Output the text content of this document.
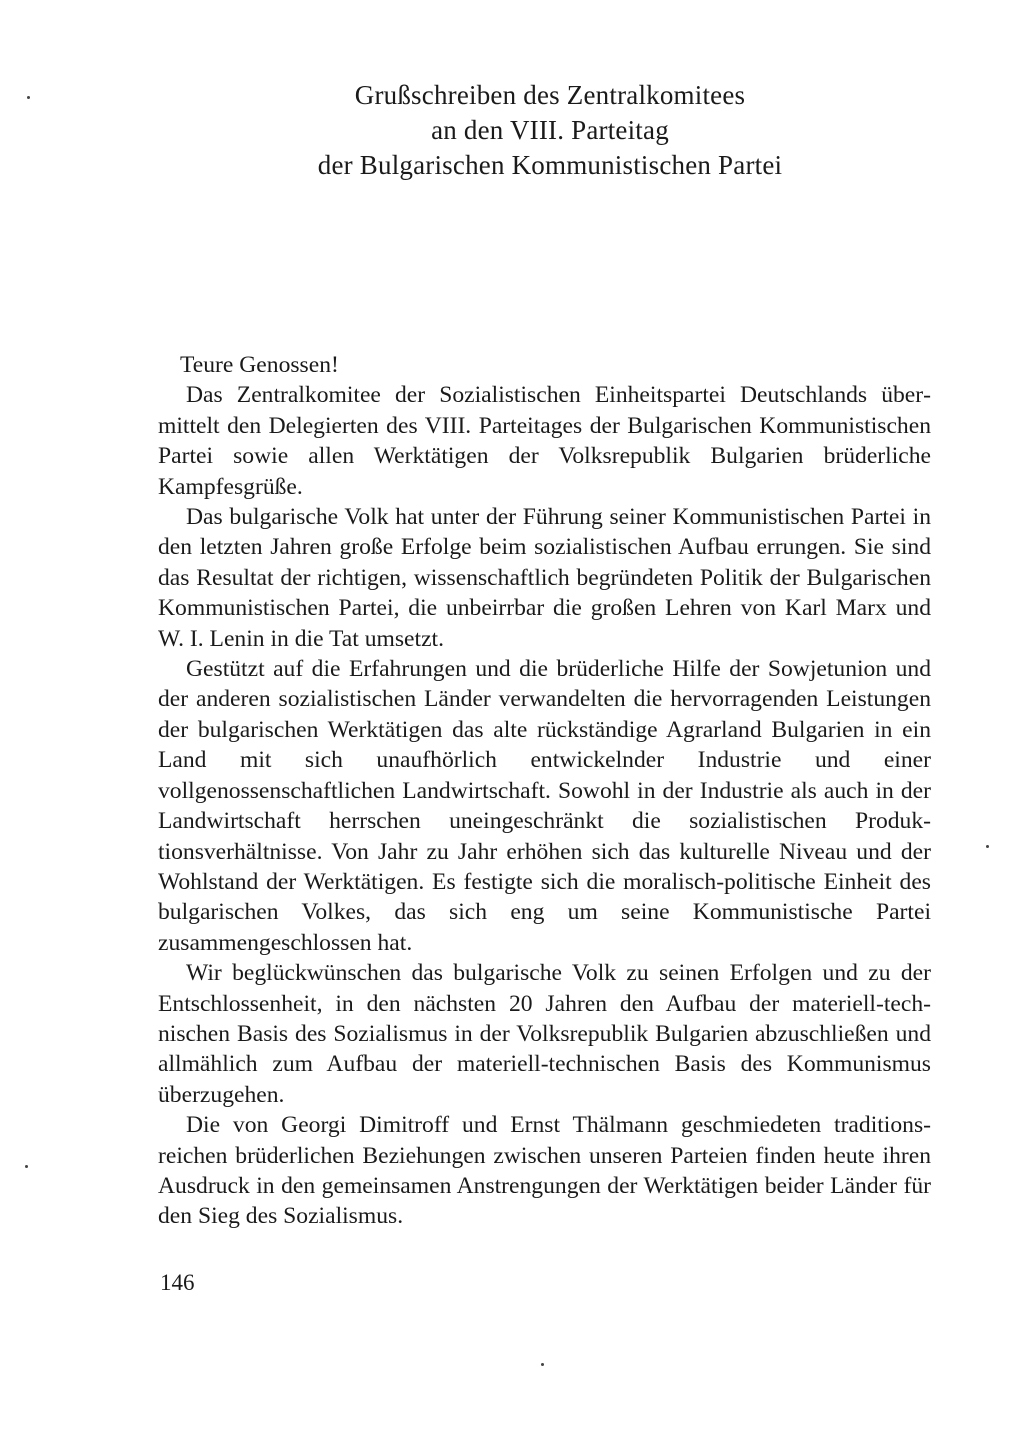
Grußschreiben des Zentralkomitees
an den VIII. Parteitag
der Bulgarischen Kommunistischen Partei

Teure Genossen!

Das Zentralkomitee der Sozialistischen Einheitspartei Deutschlands übermittelt den Delegierten des VIII. Parteitages der Bulgarischen Kommunistischen Partei sowie allen Werktätigen der Volksrepublik Bulgarien brüderliche Kampfesgrüße.

Das bulgarische Volk hat unter der Führung seiner Kommunistischen Partei in den letzten Jahren große Erfolge beim sozialistischen Aufbau errungen. Sie sind das Resultat der richtigen, wissenschaftlich begründeten Politik der Bulgarischen Kommunistischen Partei, die unbeirrbar die großen Lehren von Karl Marx und W. I. Lenin in die Tat umsetzt.

Gestützt auf die Erfahrungen und die brüderliche Hilfe der Sowjetunion und der anderen sozialistischen Länder verwandelten die hervorragenden Leistungen der bulgarischen Werktätigen das alte rückständige Agrarland Bulgarien in ein Land mit sich unaufhörlich entwickelnder Industrie und einer vollgenossenschaftlichen Landwirtschaft. Sowohl in der Industrie als auch in der Landwirtschaft herrschen uneingeschränkt die sozialistischen Produktionsverhältnisse. Von Jahr zu Jahr erhöhen sich das kulturelle Niveau und der Wohlstand der Werktätigen. Es festigte sich die moralisch-politische Einheit des bulgarischen Volkes, das sich eng um seine Kommunistische Partei zusammengeschlossen hat.

Wir beglückwünschen das bulgarische Volk zu seinen Erfolgen und zu der Entschlossenheit, in den nächsten 20 Jahren den Aufbau der materiell-technischen Basis des Sozialismus in der Volksrepublik Bulgarien abzuschließen und allmählich zum Aufbau der materiell-technischen Basis des Kommunismus überzugehen.

Die von Georgi Dimitroff und Ernst Thälmann geschmiedeten traditionsreichen brüderlichen Beziehungen zwischen unseren Parteien finden heute ihren Ausdruck in den gemeinsamen Anstrengungen der Werktätigen beider Länder für den Sieg des Sozialismus.

146
